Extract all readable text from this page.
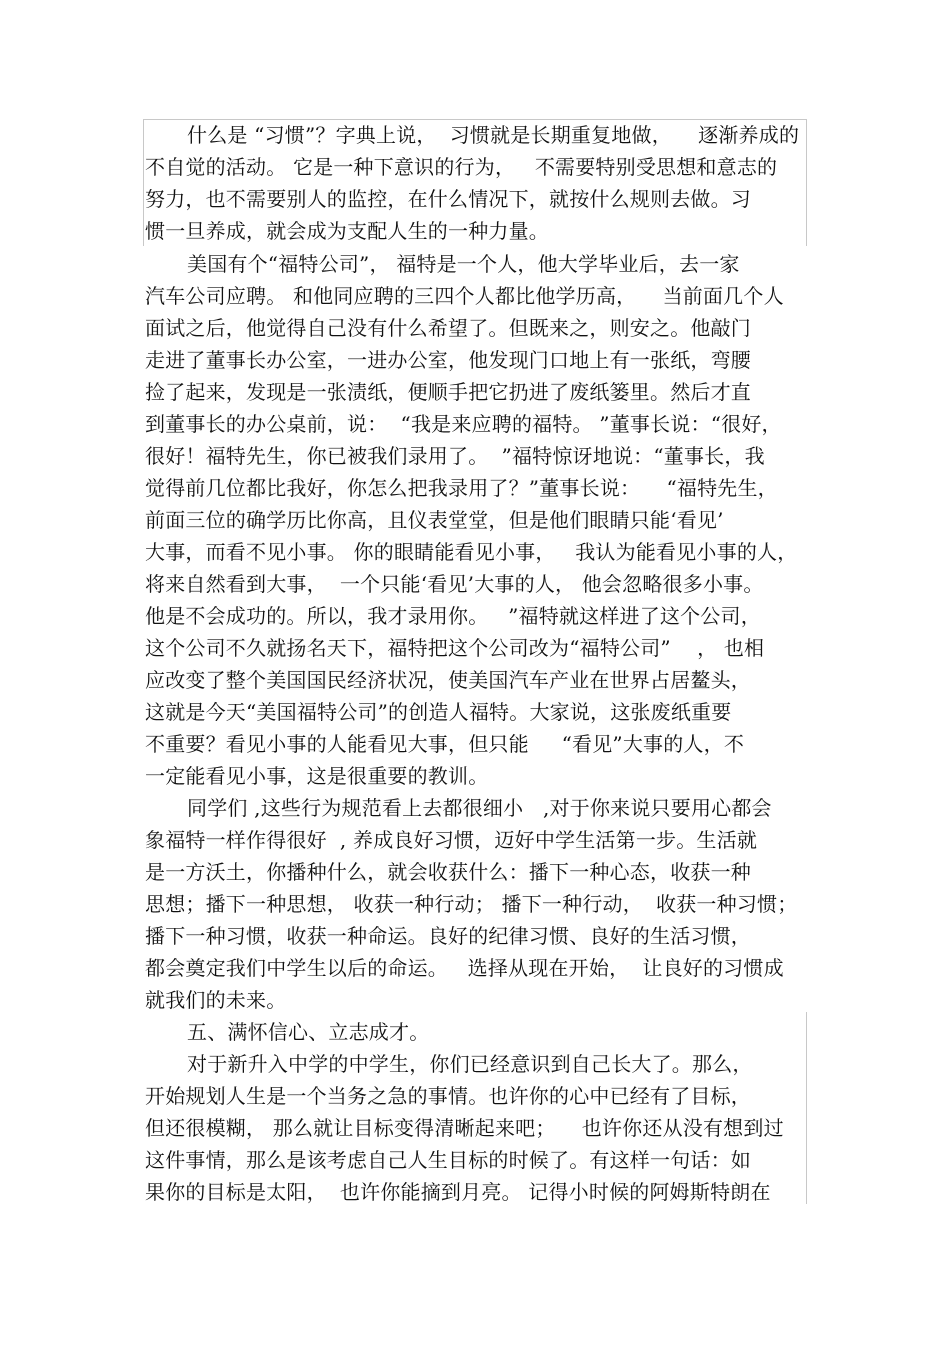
什么是 “习惯”？字典上说，  习惯就是长期重复地做，    逐渐养成的
不自觉的活动。 它是一种下意识的行为，   不需要特别受思想和意志的
努力，也不需要别人的监控，在什么情况下，就按什么规则去做。习
惯一旦养成，就会成为支配人生的一种力量。
美国有个“福特公司”， 福特是一个人，他大学毕业后，去一家
汽车公司应聘。 和他同应聘的三四个人都比他学历高，    当前面几个人
面试之后，他觉得自己没有什么希望了。但既来之，则安之。他敲门
走进了董事长办公室，一进办公室，他发现门口地上有一张纸，弯腰
捡了起来，发现是一张渍纸，便顺手把它扔进了废纸篓里。然后才直
到董事长的办公桌前，说：  “我是来应聘的福特。 ”董事长说：“很好，
很好！福特先生，你已被我们录用了。  ”福特惊讶地说：“董事长，我
觉得前几位都比我好，你怎么把我录用了？”董事长说：    “福特先生，
前面三位的确学历比你高，且仪表堂堂，但是他们眼睛只能‘看见’
大事，而看不见小事。 你的眼睛能看见小事，   我认为能看见小事的人，
将来自然看到大事，  一个只能‘看见’大事的人， 他会忽略很多小事。
他是不会成功的。所以，我才录用你。   ”福特就这样进了这个公司，
这个公司不久就扬名天下，福特把这个公司改为“福特公司”    ， 也相
应改变了整个美国国民经济状况，使美国汽车产业在世界占居鳌头，
这就是今天“美国福特公司”的创造人福特。大家说，这张废纸重要
不重要？看见小事的人能看见大事，但只能     “看见”大事的人，不
一定能看见小事，这是很重要的教训。
同学们 ,这些行为规范看上去都很细小   ,对于你来说只要用心都会
象福特一样作得很好  , 养成良好习惯，迈好中学生活第一步。生活就
是一方沃土，你播种什么，就会收获什么：播下一种心态，收获一种
思想；播下一种思想， 收获一种行动； 播下一种行动，  收获一种习惯；
播下一种习惯，收获一种命运。良好的纪律习惯、良好的生活习惯，
都会奠定我们中学生以后的命运。   选择从现在开始，  让良好的习惯成
就我们的未来。
五、满怀信心、立志成才。
对于新升入中学的中学生，你们已经意识到自己长大了。那么，
开始规划人生是一个当务之急的事情。也许你的心中已经有了目标，
但还很模糊， 那么就让目标变得清晰起来吧；    也许你还从没有想到过
这件事情，那么是该考虑自己人生目标的时候了。有这样一句话：如
果你的目标是太阳，  也许你能摘到月亮。 记得小时候的阿姆斯特朗在
